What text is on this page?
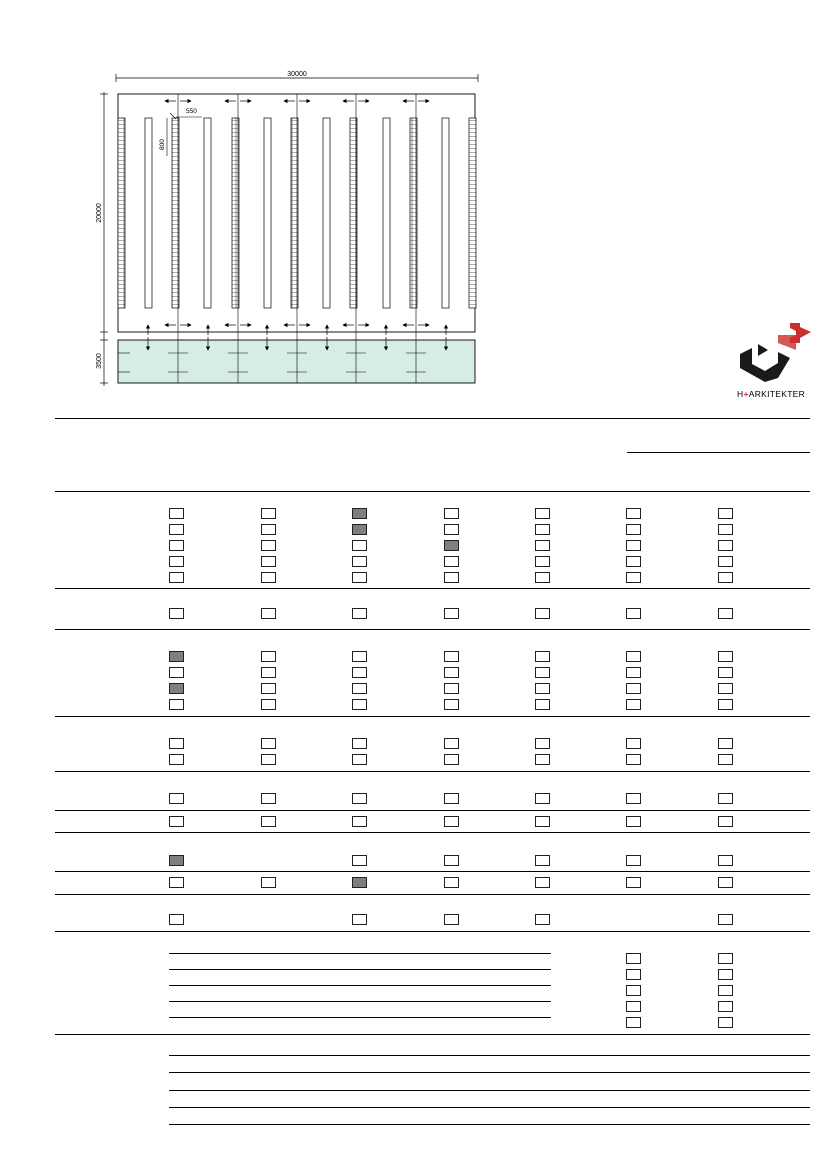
30000
20000
3500
550
800
H+ARKITEKTER
